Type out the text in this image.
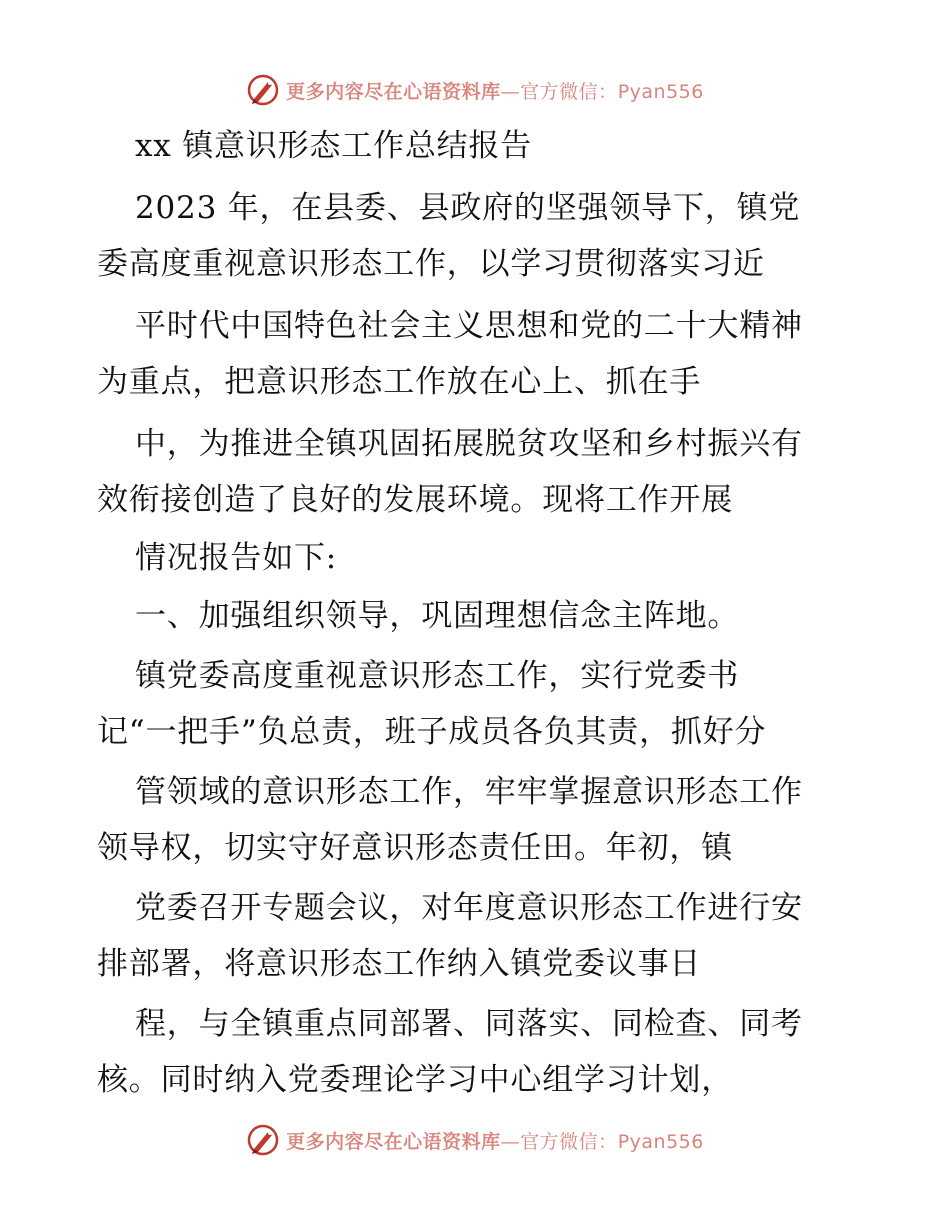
更多内容尽在心语资料库—官方微信：Pyan556
xx 镇意识形态工作总结报告
2023 年，在县委、县政府的坚强领导下，镇党
委高度重视意识形态工作，以学习贯彻落实习近
平时代中国特色社会主义思想和党的二十大精神
为重点，把意识形态工作放在心上、抓在手
中，为推进全镇巩固拓展脱贫攻坚和乡村振兴有
效衔接创造了良好的发展环境。现将工作开展
情况报告如下:
一、加强组织领导，巩固理想信念主阵地。
镇党委高度重视意识形态工作，实行党委书
记“一把手”负总责，班子成员各负其责，抓好分
管领域的意识形态工作，牢牢掌握意识形态工作
领导权，切实守好意识形态责任田。年初，镇
党委召开专题会议，对年度意识形态工作进行安
排部署，将意识形态工作纳入镇党委议事日
程，与全镇重点同部署、同落实、同检查、同考
核。同时纳入党委理论学习中心组学习计划，
更多内容尽在心语资料库—官方微信：Pyan556
